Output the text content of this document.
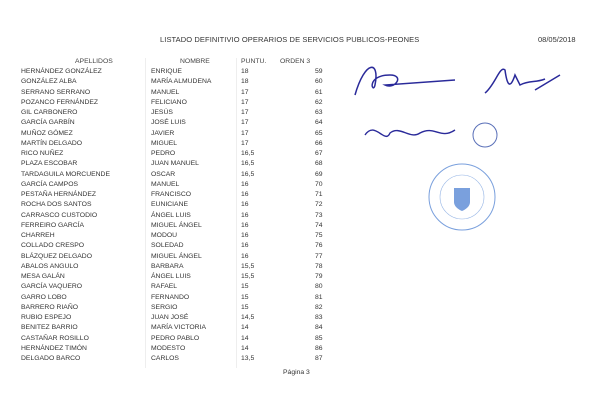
LISTADO DEFINITIVIO OPERARIOS DE SERVICIOS PUBLICOS-PEONES	08/05/2018
APELLIDOS	NOMBRE	PUNTU. ORDEN 3
HERNÁNDEZ GONZÁLEZ	ENRIQUE	18	59
GONZÁLEZ ALBA	MARÍA ALMUDENA	18	60
SERRANO SERRANO	MANUEL	17	61
POZANCO FERNÁNDEZ	FELICIANO	17	62
GIL CARBONERO	JESÚS	17	63
GARCÍA GARBÍN	JOSÉ LUIS	17	64
MUÑOZ GÓMEZ	JAVIER	17	65
MARTÍN DELGADO	MIGUEL	17	66
RICO NUÑEZ	PEDRO	16,5	67
PLAZA ESCOBAR	JUAN MANUEL	16,5	68
TARDAGUILA MORCUENDE	OSCAR	16,5	69
GARCÍA CAMPOS	MANUEL	16	70
PESTAÑA HERNÁNDEZ	FRANCISCO	16	71
ROCHA DOS SANTOS	EUNICIANE	16	72
CARRASCO CUSTODIO	ÁNGEL LUIS	16	73
FERREIRO GARCÍA	MIGUEL ÁNGEL	16	74
CHARREH	MODOU	16	75
COLLADO CRESPO	SOLEDAD	16	76
BLÁZQUEZ DELGADO	MIGUEL ÁNGEL	16	77
ABALOS ANGULO	BARBARA	15,5	78
MESA GALÁN	ÁNGEL LUIS	15,5	79
GARCÍA VAQUERO	RAFAEL	15	80
GARRO LOBO	FERNANDO	15	81
BARRERO RIAÑO	SERGIO	15	82
RUBIO ESPEJO	JUAN JOSÉ	14,5	83
BENITEZ BARRIO	MARÍA VICTORIA	14	84
CASTAÑAR ROSILLO	PEDRO PABLO	14	85
HERNÁNDEZ TIMÓN	MODESTO	14	86
DELGADO BARCO	CARLOS	13,5	87
Página 3
